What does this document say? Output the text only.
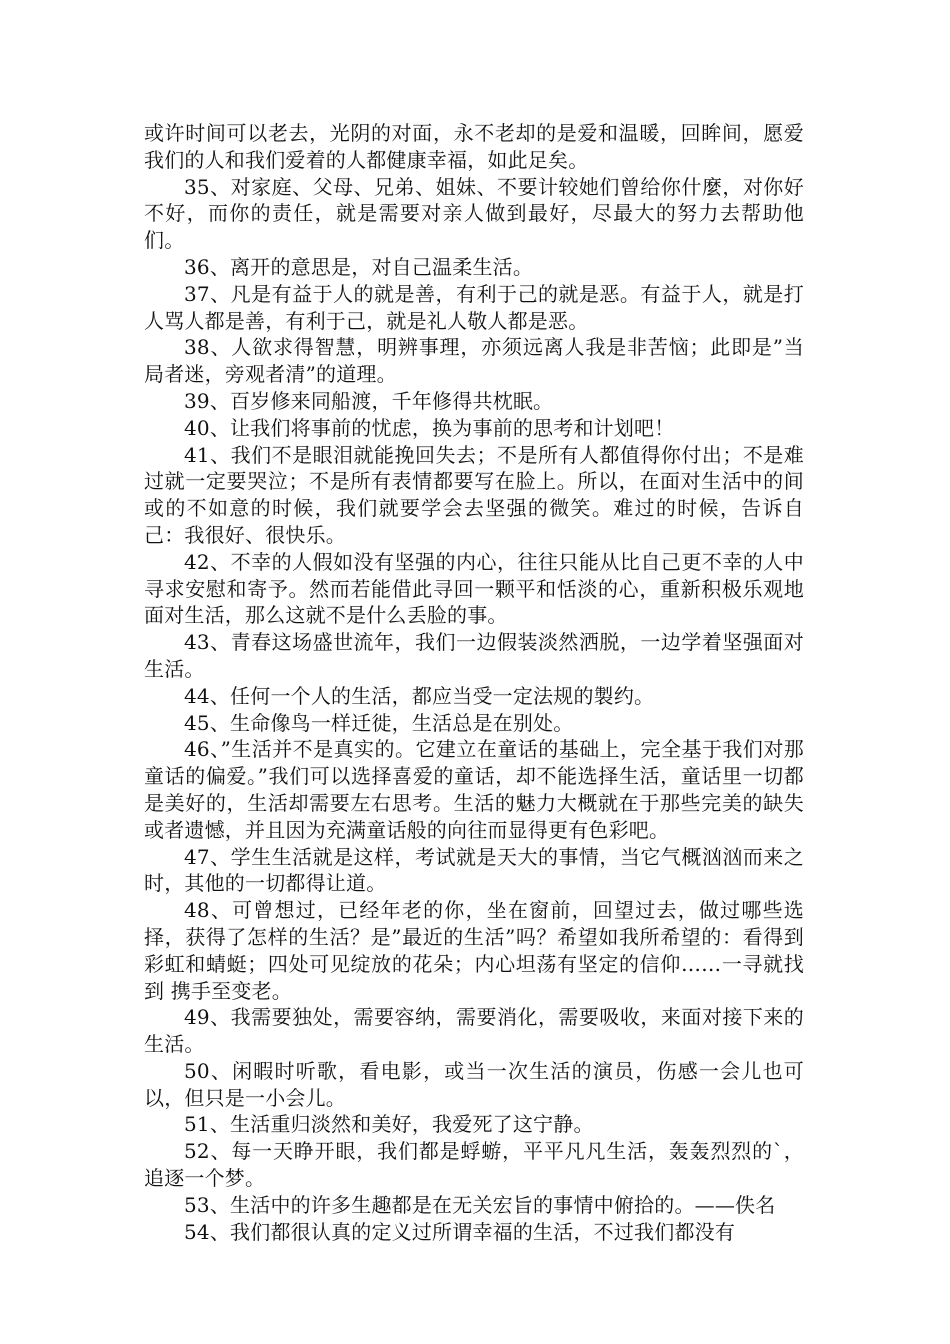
或许时间可以老去，光阴的对面，永不老却的是爱和温暖，回眸间，愿爱我们的人和我们爱着的人都健康幸福，如此足矣。

35、对家庭、父母、兄弟、姐妹、不要计较她们曾给你什麼，对你好不好，而你的责任，就是需要对亲人做到最好，尽最大的努力去帮助他们。

36、离开的意思是，对自己温柔生活。

37、凡是有益于人的就是善，有利于己的就是恶。有益于人，就是打人骂人都是善，有利于己，就是礼人敬人都是恶。

38、人欲求得智慧，明辨事理，亦须远离人我是非苦恼；此即是”当局者迷，旁观者清”的道理。

39、百岁修来同船渡，千年修得共枕眠。

40、让我们将事前的忧虑，换为事前的思考和计划吧！

41、我们不是眼泪就能挽回失去；不是所有人都值得你付出；不是难过就一定要哭泣；不是所有表情都要写在脸上。所以，在面对生活中的间或的不如意的时候，我们就要学会去坚强的微笑。难过的时候，告诉自己：我很好、很快乐。

42、不幸的人假如没有坚强的内心，往往只能从比自己更不幸的人中寻求安慰和寄予。然而若能借此寻回一颗平和恬淡的心，重新积极乐观地面对生活，那么这就不是什么丢脸的事。

43、青春这场盛世流年，我们一边假装淡然洒脱，一边学着坚强面对生活。

44、任何一个人的生活，都应当受一定法规的製约。

45、生命像鸟一样迁徙，生活总是在别处。

46、”生活并不是真实的。它建立在童话的基础上，完全基于我们对那童话的偏爱。”我们可以选择喜爱的童话，却不能选择生活，童话里一切都是美好的，生活却需要左右思考。生活的魅力大概就在于那些完美的缺失或者遗憾，并且因为充满童话般的向往而显得更有色彩吧。

47、学生生活就是这样，考试就是天大的事情，当它气概汹汹而来之时，其他的一切都得让道。

48、可曾想过，已经年老的你，坐在窗前，回望过去，做过哪些选择，获得了怎样的生活？是”最近的生活”吗？希望如我所希望的：看得到彩虹和蜻蜓；四处可见绽放的花朵；内心坦荡有坚定的信仰……一寻就找到 携手至变老。

49、我需要独处，需要容纳，需要消化，需要吸收，来面对接下来的生活。

50、闲暇时听歌，看电影，或当一次生活的演员，伤感一会儿也可以，但只是一小会儿。

51、生活重归淡然和美好，我爱死了这宁静。

52、每一天睁开眼，我们都是蜉蝣，平平凡凡生活，轰轰烈烈的`，追逐一个梦。

53、生活中的许多生趣都是在无关宏旨的事情中俯拾的。——佚名

54、我们都很认真的定义过所谓幸福的生活，不过我们都没有
